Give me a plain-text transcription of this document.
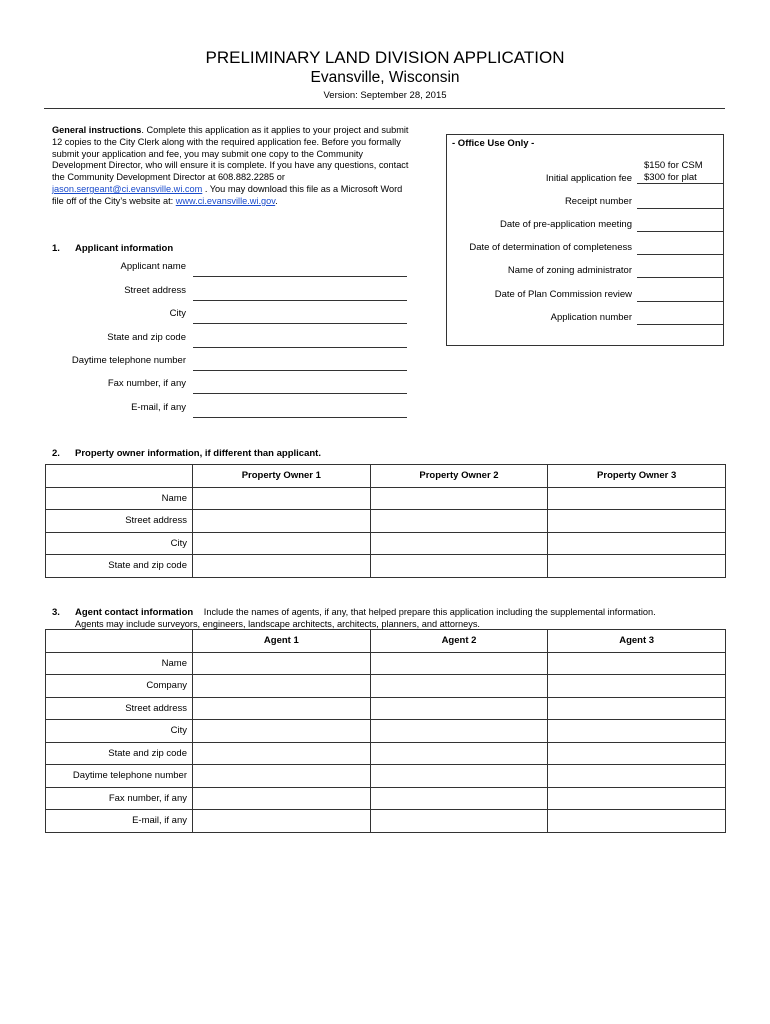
PRELIMINARY LAND DIVISION APPLICATION
Evansville, Wisconsin
Version: September 28, 2015
General instructions. Complete this application as it applies to your project and submit 12 copies to the City Clerk along with the required application fee. Before you formally submit your application and fee, you may submit one copy to the Community Development Director, who will ensure it is complete. If you have any questions, contact the Community Development Director at 608.882.2285 or jason.sergeant@ci.evansville.wi.com . You may download this file as a Microsoft Word file off of the City’s website at: www.ci.evansville.wi.gov.
- Office Use Only -
$150 for CSM
$300 for plat
Initial application fee
Receipt number
Date of pre-application meeting
Date of determination of completeness
Name of zoning administrator
Date of Plan Commission review
Application number
1. Applicant information
Applicant name
Street address
City
State and zip code
Daytime telephone number
Fax number, if any
E-mail, if any
2. Property owner information, if different than applicant.
	Property Owner 1	Property Owner 2	Property Owner 3
Name			
Street address			
City			
State and zip code			
3. Agent contact information Include the names of agents, if any, that helped prepare this application including the supplemental information.
Agents may include surveyors, engineers, landscape architects, architects, planners, and attorneys.
	Agent 1	Agent 2	Agent 3
Name			
Company			
Street address			
City			
State and zip code			
Daytime telephone number			
Fax number, if any			
E-mail, if any			
